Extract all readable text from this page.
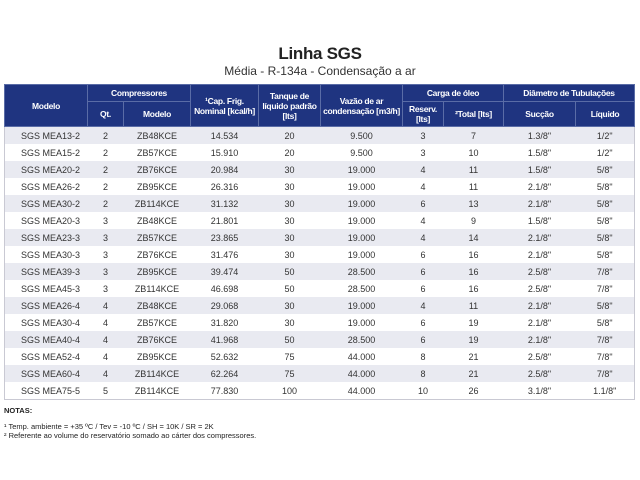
Linha SGS
Média - R-134a - Condensação a ar
Modelo	Compressores		¹Cap. Frig. Nominal [kcal/h]	Tanque de líquido padrão [lts]	Vazão de ar condensação [m3/h]	Carga de óleo		Diâmetro de Tubulações	
	Qt.	Modelo				Reserv. [lts]	²Total [lts]	Sucção	Líquido
SGS MEA13-2	2	ZB48KCE	14.534	20	9.500	3	7	1.3/8"	1/2"
SGS MEA15-2	2	ZB57KCE	15.910	20	9.500	3	10	1.5/8"	1/2"
SGS MEA20-2	2	ZB76KCE	20.984	30	19.000	4	11	1.5/8"	5/8"
SGS MEA26-2	2	ZB95KCE	26.316	30	19.000	4	11	2.1/8"	5/8"
SGS MEA30-2	2	ZB114KCE	31.132	30	19.000	6	13	2.1/8"	5/8"
SGS MEA20-3	3	ZB48KCE	21.801	30	19.000	4	9	1.5/8"	5/8"
SGS MEA23-3	3	ZB57KCE	23.865	30	19.000	4	14	2.1/8"	5/8"
SGS MEA30-3	3	ZB76KCE	31.476	30	19.000	6	16	2.1/8"	5/8"
SGS MEA39-3	3	ZB95KCE	39.474	50	28.500	6	16	2.5/8"	7/8"
SGS MEA45-3	3	ZB114KCE	46.698	50	28.500	6	16	2.5/8"	7/8"
SGS MEA26-4	4	ZB48KCE	29.068	30	19.000	4	11	2.1/8"	5/8"
SGS MEA30-4	4	ZB57KCE	31.820	30	19.000	6	19	2.1/8"	5/8"
SGS MEA40-4	4	ZB76KCE	41.968	50	28.500	6	19	2.1/8"	7/8"
SGS MEA52-4	4	ZB95KCE	52.632	75	44.000	8	21	2.5/8"	7/8"
SGS MEA60-4	4	ZB114KCE	62.264	75	44.000	8	21	2.5/8"	7/8"
SGS MEA75-5	5	ZB114KCE	77.830	100	44.000	10	26	3.1/8"	1.1/8"
NOTAS:
¹ Temp. ambiente = +35 ºC / Tev = -10 ºC / SH = 10K / SR = 2K
² Referente ao volume do reservatório somado ao cárter dos compressores.
